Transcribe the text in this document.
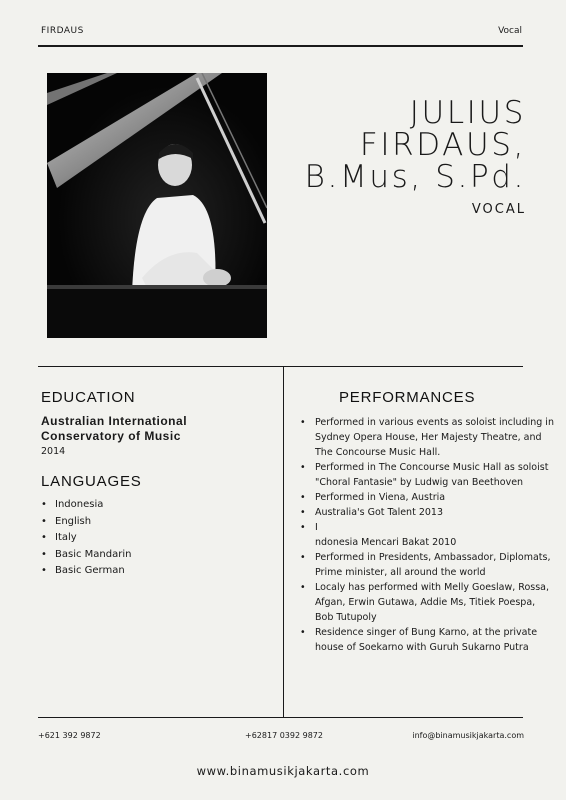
FIRDAUS	Vocal
JULIUS
FIRDAUS,
B.Mus, S.Pd.
VOCAL
EDUCATION
Australian International Conservatory of Music
2014
LANGUAGES
• Indonesia
• English
• Italy
• Basic Mandarin
• Basic German
PERFORMANCES
• Performed in various events as soloist including in Sydney Opera House, Her Majesty Theatre, and The Concourse Music Hall.
• Performed in The Concourse Music Hall as soloist "Choral Fantasie" by Ludwig van Beethoven
• Performed in Viena, Austria
• Australia's Got Talent 2013
• I
ndonesia Mencari Bakat 2010
• Performed in Presidents, Ambassador, Diplomats, Prime minister, all around the world
• Localy has performed with Melly Goeslaw, Rossa, Afgan, Erwin Gutawa, Addie Ms, Titiek Poespa, Bob Tutupoly
• Residence singer of Bung Karno, at the private house of Soekarno with Guruh Sukarno Putra
+621 392 9872	+62817 0392 9872	info@binamusikjakarta.com
www.binamusikjakarta.com
